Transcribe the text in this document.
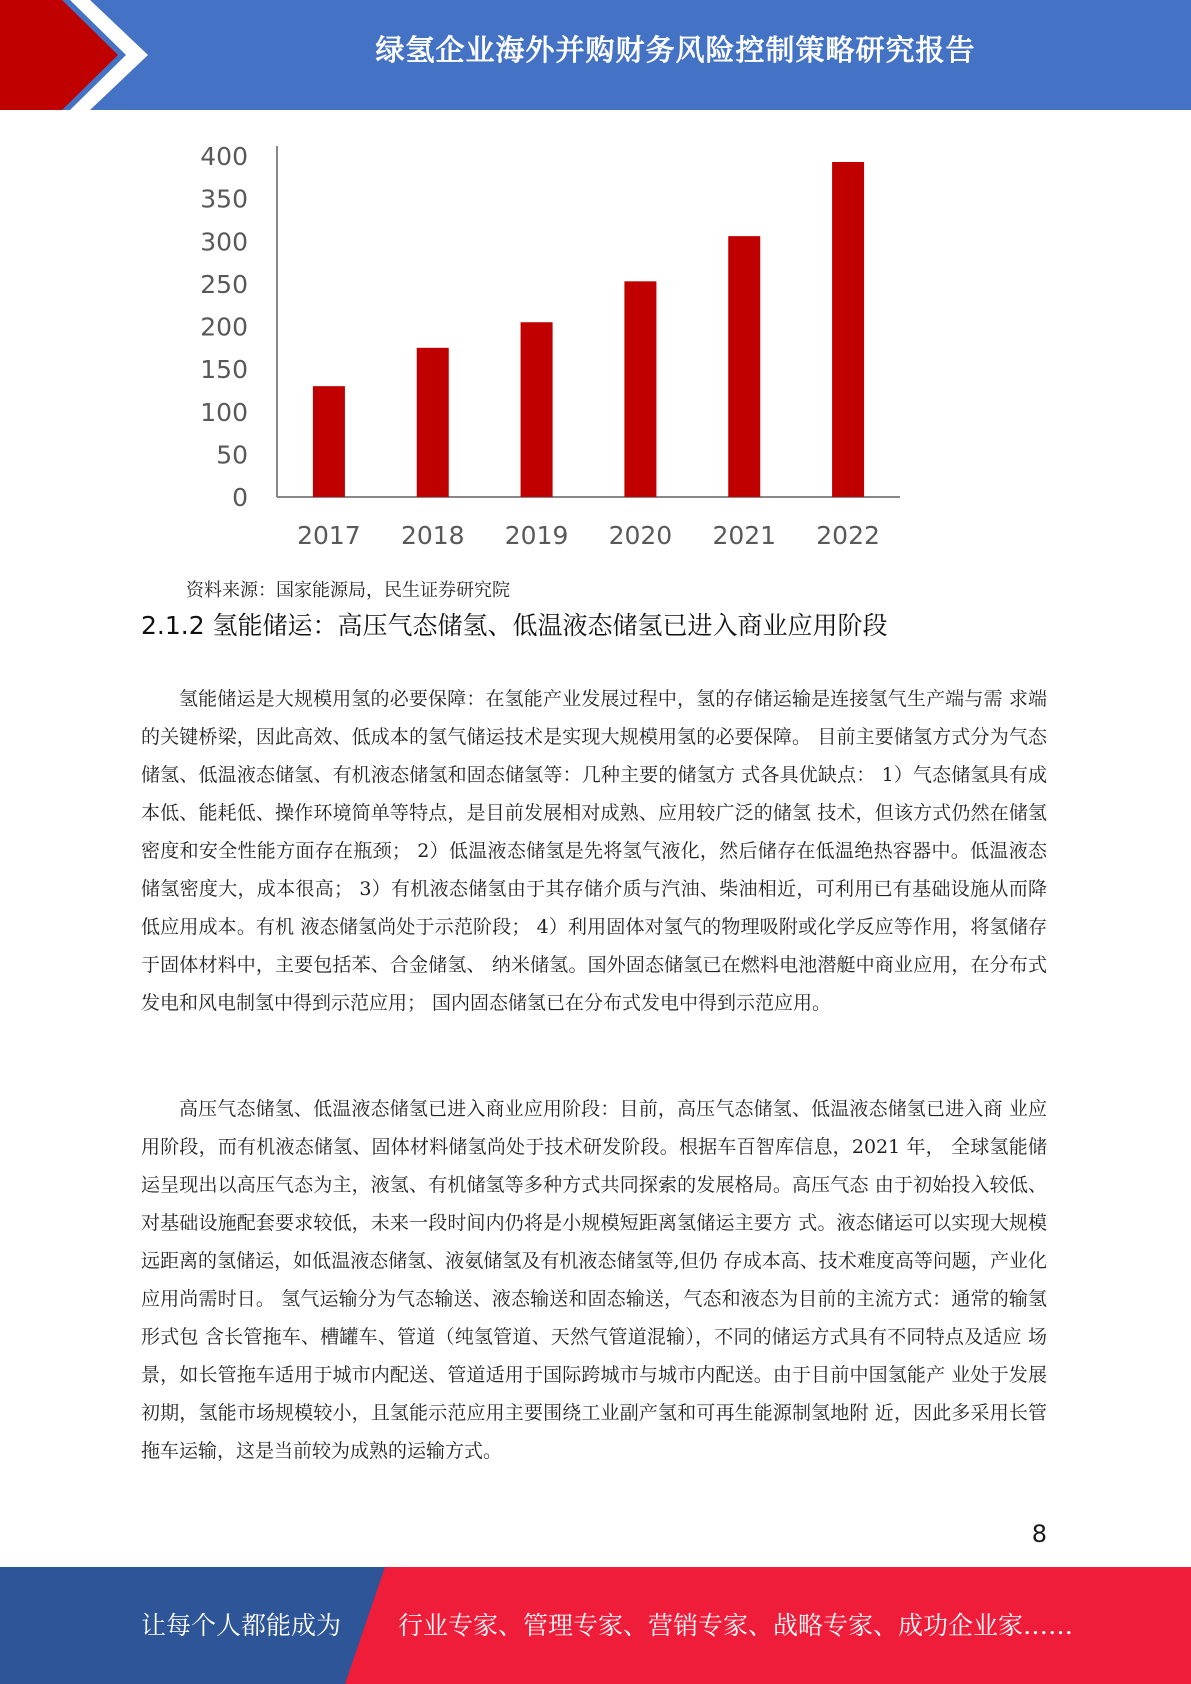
绿氢企业海外并购财务风险控制策略研究报告
0
50
100
150
200
250
300
350
400
2017 2018 2019 2020 2021 2022
资料来源：国家能源局，民生证券研究院
2.1.2 氢能储运：高压气态储氢、低温液态储氢已进入商业应用阶段

氢能储运是大规模用氢的必要保障：在氢能产业发展过程中，氢的存储运输是连接氢气生产端与需 求端的关键桥梁，因此高效、低成本的氢气储运技术是实现大规模用氢的必要保障。 目前主要储氢方式分为气态储氢、低温液态储氢、有机液态储氢和固态储氢等：几种主要的储氢方 式各具优缺点： 1）气态储氢具有成本低、能耗低、操作环境简单等特点，是目前发展相对成熟、应用较广泛的储氢 技术，但该方式仍然在储氢密度和安全性能方面存在瓶颈； 2）低温液态储氢是先将氢气液化，然后储存在低温绝热容器中。低温液态储氢密度大，成本很高； 3）有机液态储氢由于其存储介质与汽油、柴油相近，可利用已有基础设施从而降低应用成本。有机 液态储氢尚处于示范阶段； 4）利用固体对氢气的物理吸附或化学反应等作用，将氢储存于固体材料中，主要包括苯、合金储氢、 纳米储氢。国外固态储氢已在燃料电池潜艇中商业应用，在分布式发电和风电制氢中得到示范应用； 国内固态储氢已在分布式发电中得到示范应用。

高压气态储氢、低温液态储氢已进入商业应用阶段：目前，高压气态储氢、低温液态储氢已进入商 业应用阶段，而有机液态储氢、固体材料储氢尚处于技术研发阶段。根据车百智库信息，2021 年， 全球氢能储运呈现出以高压气态为主，液氢、有机储氢等多种方式共同探索的发展格局。高压气态 由于初始投入较低、对基础设施配套要求较低，未来一段时间内仍将是小规模短距离氢储运主要方 式。液态储运可以实现大规模远距离的氢储运，如低温液态储氢、液氨储氢及有机液态储氢等,但仍 存成本高、技术难度高等问题，产业化应用尚需时日。 氢气运输分为气态输送、液态输送和固态输送，气态和液态为目前的主流方式：通常的输氢形式包 含长管拖车、槽罐车、管道（纯氢管道、天然气管道混输），不同的储运方式具有不同特点及适应 场景，如长管拖车适用于城市内配送、管道适用于国际跨城市与城市内配送。由于目前中国氢能产 业处于发展初期，氢能市场规模较小，且氢能示范应用主要围绕工业副产氢和可再生能源制氢地附 近，因此多采用长管拖车运输，这是当前较为成熟的运输方式。

8
让每个人都能成为 行业专家、管理专家、营销专家、战略专家、成功企业家……
